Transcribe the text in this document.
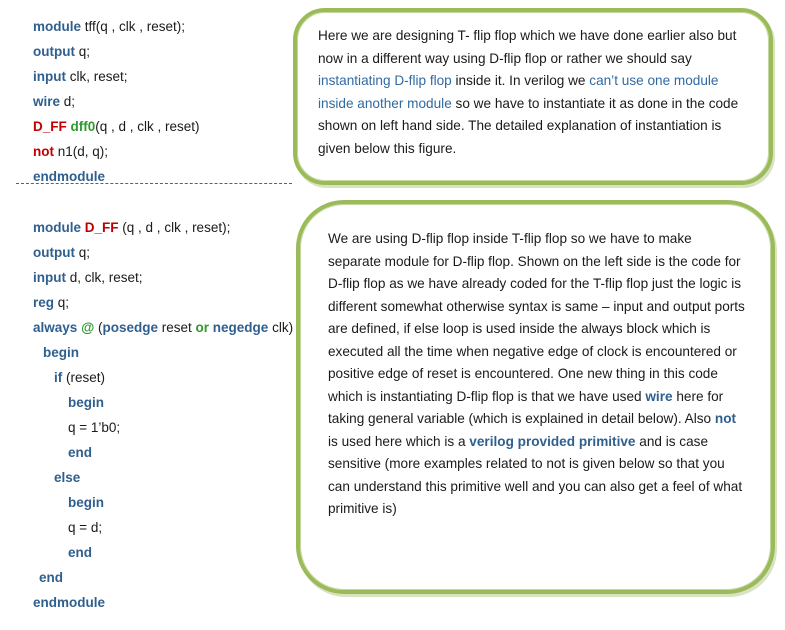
module tff(q , clk , reset);

output q;

input clk, reset;

wire d;

D_FF dff0(q , d , clk , reset)

not n1(d, q);

endmodule

module D_FF (q , d , clk , reset);

output q;

input d, clk, reset;

reg q;

always @ (posedge reset or negedge clk)

begin

if (reset)

begin

q = 1’b0;

end

else

begin

q = d;

end

end

endmodule

Here we are designing T- flip flop which we have done earlier also but now in a different way using D-flip flop or rather we should say instantiating D-flip flop inside it. In verilog we can’t use one module inside another module so we have to instantiate it as done in the code shown on left hand side. The detailed explanation of instantiation is given below this figure.
We are using D-flip flop inside T-flip flop so we have to make separate module for D-flip flop. Shown on the left side is the code for D-flip flop as we have already coded for the T-flip flop just the logic is different somewhat otherwise syntax is same – input and output ports are defined, if else loop is used inside the always block which is executed all the time when negative edge of clock is encountered or positive edge of reset is encountered. One new thing in this code which is instantiating D-flip flop is that we have used wire here for taking general variable (which is explained in detail below). Also not is used here which is a verilog provided primitive and is case sensitive (more examples related to not is given below so that you can understand this primitive well and you can also get a feel of what primitive is)
